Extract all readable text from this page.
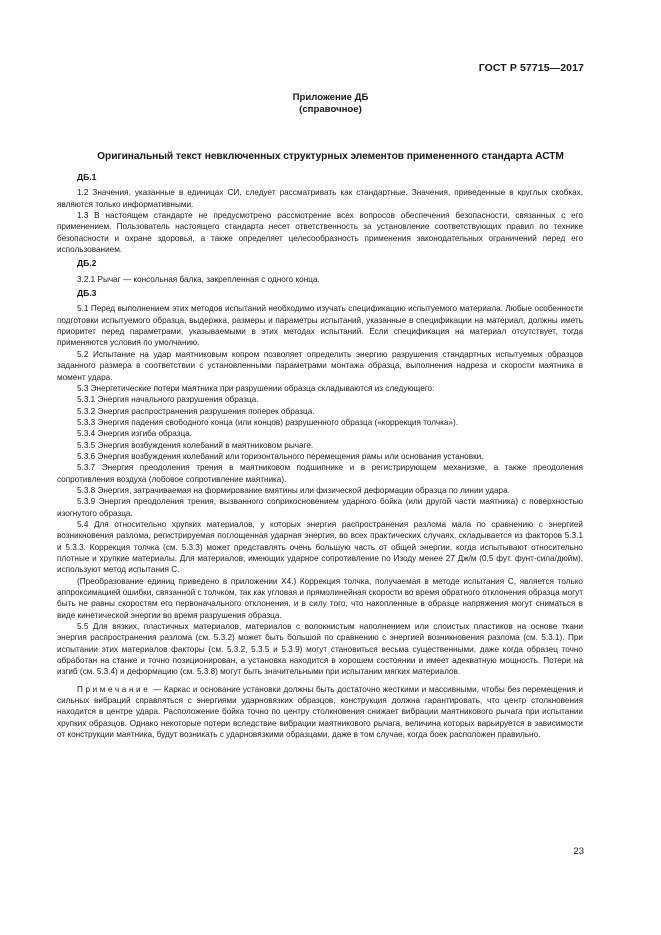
ГОСТ Р 57715—2017
Приложение ДБ
(справочное)
Оригинальный текст невключенных структурных элементов примененного стандарта АСТМ
ДБ.1

1.2 Значения, указанные в единицах СИ, следует рассматривать как стандартные. Значения, приведенные в круглых скобках, являются только информативными.

1.3 В настоящем стандарте не предусмотрено рассмотрение всех вопросов обеспечения безопасности, связанных с его применением. Пользователь настоящего стандарта несет ответственность за установление соответствующих правил по технике безопасности и охране здоровья, а также определяет целесообразность применения законодательных ограничений перед его использованием.

ДБ.2

3.2.1 Рычаг — консольная балка, закрепленная с одного конца.

ДБ.3

5.1 Перед выполнением этих методов испытаний необходимо изучать спецификацию испытуемого материала. Любые особенности подготовки испытуемого образца, выдержка, размеры и параметры испытаний, указанные в спецификации на материал, должны иметь приоритет перед параметрами, указываемыми в этих методах испытаний. Если спецификация на материал отсутствует, тогда применяются условия по умолчанию.

5.2 Испытание на удар маятниковым копром позволяет определить энергию разрушения стандартных испытуемых образцов заданного размера в соответствии с установленными параметрами монтажа образца, выполнения надреза и скорости маятника в момент удара.

5.3 Энергетические потери маятника при разрушении образца складываются из следующего:

5.3.1 Энергия начального разрушения образца.

5.3.2 Энергия распространения разрушения поперек образца.

5.3.3 Энергия падения свободного конца (или концов) разрушенного образца («коррекция толчка»).

5.3.4 Энергия изгиба образца.

5.3.5 Энергия возбуждения колебаний в маятниковом рычаге.

5.3.6 Энергия возбуждения колебаний или горизонтального перемещения рамы или основания установки.

5.3.7 Энергия преодоления трения в маятниковом подшипнике и в регистрирующем механизме, а также преодоления сопротивления воздуха (лобовое сопротивление маятника).

5.3.8 Энергия, затрачиваемая на формирование вмятины или физической деформации образца по линии удара.

5.3.9 Энергия преодоления трения, вызванного соприкосновением ударного бойка (или другой части маятника) с поверхностью изогнутого образца.

5.4 Для относительно хрупких материалов, у которых энергия распространения разлома мала по сравнению с энергией возникновения разлома, регистрируемая поглощенная ударная энергия, во всех практических случаях, складывается из факторов 5.3.1 и 5.3.3. Коррекция толчка (см. 5.3.3) может представлять очень большую часть от общей энергии, когда испытывают относительно плотные и хрупкие материалы. Для материалов, имеющих ударное сопротивление по Изоду менее 27 Дж/м (0,5 фут. фунт-сила/дюйм), используют метод испытания С.

(Преобразование единиц приведено в приложении Х4.) Коррекция толчка, получаемая в методе испытания С, является только аппроксимацией ошибки, связанной с толчком, так как угловая и прямолинейная скорости во время обратного отклонения образца могут быть не равны скоростям его первоначального отклонения, и в силу того, что накопленные в образце напряжения могут сниматься в виде кинетической энергии во время разрушения образца.

5.5 Для вязких, пластичных материалов, материалов с волокнистым наполнением или слоистых пластиков на основе ткани энергия распространения разлома (см. 5.3.2) может быть большой по сравнению с энергией возникновения разлома (см. 5.3.1). При испытании этих материалов факторы (см. 5.3.2, 5.3.5 и 5.3.9) могут становиться весьма существенными, даже когда образец точно обработан на станке и точно позиционирован, а установка находится в хорошем состоянии и имеет адекватную мощность. Потери на изгиб (см. 5.3.4) и деформацию (см. 5.3.8) могут быть значительными при испытании мягких материалов.

Примечание — Каркас и основание установки должны быть достаточно жесткими и массивными, чтобы без перемещения и сильных вибраций справляться с энергиями ударновязких образцов, конструкция должна гарантировать, что центр столкновения находится в центре удара. Расположение бойка точно по центру столкновения снижает вибрации маятникового рычага при испытании хрупких образцов. Однако некоторые потери вследствие вибрации маятникового рычага, величина которых варьируется в зависимости от конструкции маятника, будут возникать с ударновязкими образцами, даже в том случае, когда боек расположен правильно.

23
